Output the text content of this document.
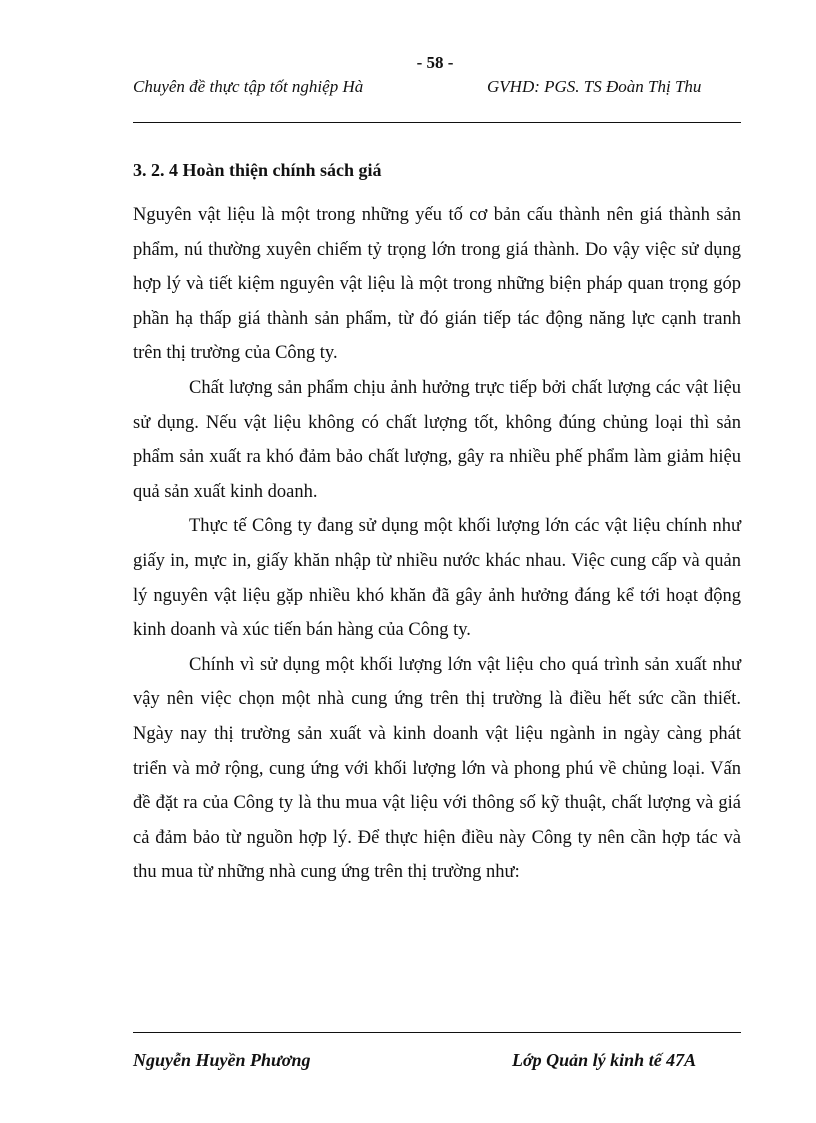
- 58 -
Chuyên đề thực tập tốt nghiệp Hà	GVHD: PGS. TS Đoàn Thị Thu
3. 2. 4 Hoàn thiện chính sách giá

Nguyên vật liệu là một trong những yếu tố cơ bản cấu thành nên giá thành sản phẩm, nú thường xuyên chiếm tỷ trọng lớn trong giá thành. Do vậy việc sử dụng hợp lý và tiết kiệm nguyên vật liệu là một trong những biện pháp quan trọng góp phần hạ thấp giá thành sản phẩm, từ đó gián tiếp tác động năng lực cạnh tranh trên thị trường của Công ty.

Chất lượng sản phẩm chịu ảnh hưởng trực tiếp bởi chất lượng các vật liệu sử dụng. Nếu vật liệu không có chất lượng tốt, không đúng chủng loại thì sản phẩm sản xuất ra khó đảm bảo chất lượng, gây ra nhiều phế phẩm làm giảm hiệu quả sản xuất kinh doanh.

Thực tế Công ty đang sử dụng một khối lượng lớn các vật liệu chính như giấy in, mực in, giấy khăn nhập từ nhiều nước khác nhau. Việc cung cấp và quản lý nguyên vật liệu gặp nhiều khó khăn đã gây ảnh hưởng đáng kể tới hoạt động kinh doanh và xúc tiến bán hàng của Công ty.

Chính vì sử dụng một khối lượng lớn vật liệu cho quá trình sản xuất như vậy nên việc chọn một nhà cung ứng trên thị trường là điều hết sức cần thiết. Ngày nay thị trường sản xuất và kinh doanh vật liệu ngành in ngày càng phát triển và mở rộng, cung ứng với khối lượng lớn và phong phú về chủng loại. Vấn đề đặt ra của Công ty là thu mua vật liệu với thông số kỹ thuật, chất lượng và giá cả đảm bảo từ nguồn hợp lý. Để thực hiện điều này Công ty nên cần hợp tác và thu mua từ những nhà cung ứng trên thị trường như:

Nguyễn Huyền Phương	Lớp Quản lý kinh tế 47A
